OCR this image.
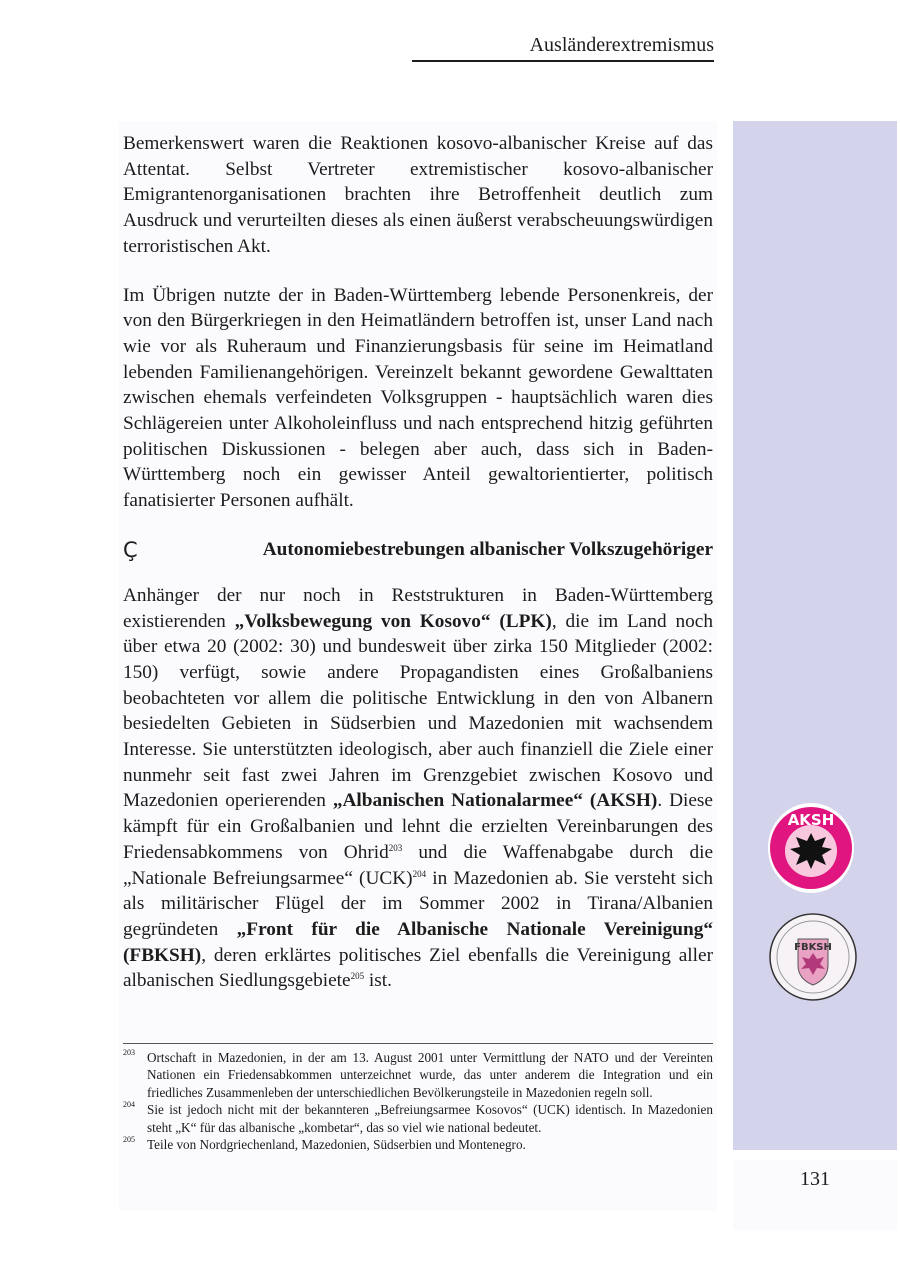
Ausländerextremismus
131

Bemerkenswert waren die Reaktionen kosovo-albanischer Kreise auf das Attentat. Selbst Vertreter extremistischer kosovo-albanischer Emigrantenorganisationen brachten ihre Betroffenheit deutlich zum Ausdruck und verurteilten dieses als einen äußerst verabscheuungswürdigen terroristischen Akt.

Im Übrigen nutzte der in Baden-Württemberg lebende Personenkreis, der von den Bürgerkriegen in den Heimatländern betroffen ist, unser Land nach wie vor als Ruheraum und Finanzierungsbasis für seine im Heimatland lebenden Familienangehörigen. Vereinzelt bekannt gewordene Gewalttaten zwischen ehemals verfeindeten Volksgruppen - hauptsächlich waren dies Schlägereien unter Alkoholeinfluss und nach entsprechend hitzig geführten politischen Diskussionen - belegen aber auch, dass sich in Baden-Württemberg noch ein gewisser Anteil gewaltorientierter, politisch fanatisierter Personen aufhält.

Ç	Autonomiebestrebungen albanischer Volkszugehöriger

Anhänger der nur noch in Reststrukturen in Baden-Württemberg existierenden „Volksbewegung von Kosovo“ (LPK), die im Land noch über etwa 20 (2002: 30) und bundesweit über zirka 150 Mitglieder (2002: 150) verfügt, sowie andere Propagandisten eines Großalbaniens beobachteten vor allem die politische Entwicklung in den von Albanern besiedelten Gebieten in Südserbien und Mazedonien mit wachsendem Interesse. Sie unterstützten ideologisch, aber auch finanziell die Ziele einer nunmehr seit fast zwei Jahren im Grenzgebiet zwischen Kosovo und Mazedonien operierenden „Albanischen Nationalarmee“ (AKSH). Diese kämpft für ein Großalbanien und lehnt die erzielten Vereinbarungen des Friedensabkommens von Ohrid$^{203}$ und die Waffenabgabe durch die „Nationale Befreiungsarmee“ (UCK)$^{204}$ in Mazedonien ab. Sie versteht sich als militärischer Flügel der im Sommer 2002 in Tirana/Albanien gegründeten „Front für die Albanische Nationale Vereinigung“ (FBKSH), deren erklärtes politisches Ziel ebenfalls die Vereinigung aller albanischen Siedlungsgebiete$^{205}$ ist.

203 Ortschaft in Mazedonien, in der am 13. August 2001 unter Vermittlung der NATO und der Vereinten Nationen ein Friedensabkommen unterzeichnet wurde, das unter anderem die Integration und ein friedliches Zusammenleben der unterschiedlichen Bevölkerungsteile in Mazedonien regeln soll.
204 Sie ist jedoch nicht mit der bekannteren „Befreiungsarmee Kosovos“ (UCK) identisch. In Mazedonien steht „K“ für das albanische „kombetar“, das so viel wie national bedeutet.
205 Teile von Nordgriechenland, Mazedonien, Südserbien und Montenegro.
AKSH
FBKSH
